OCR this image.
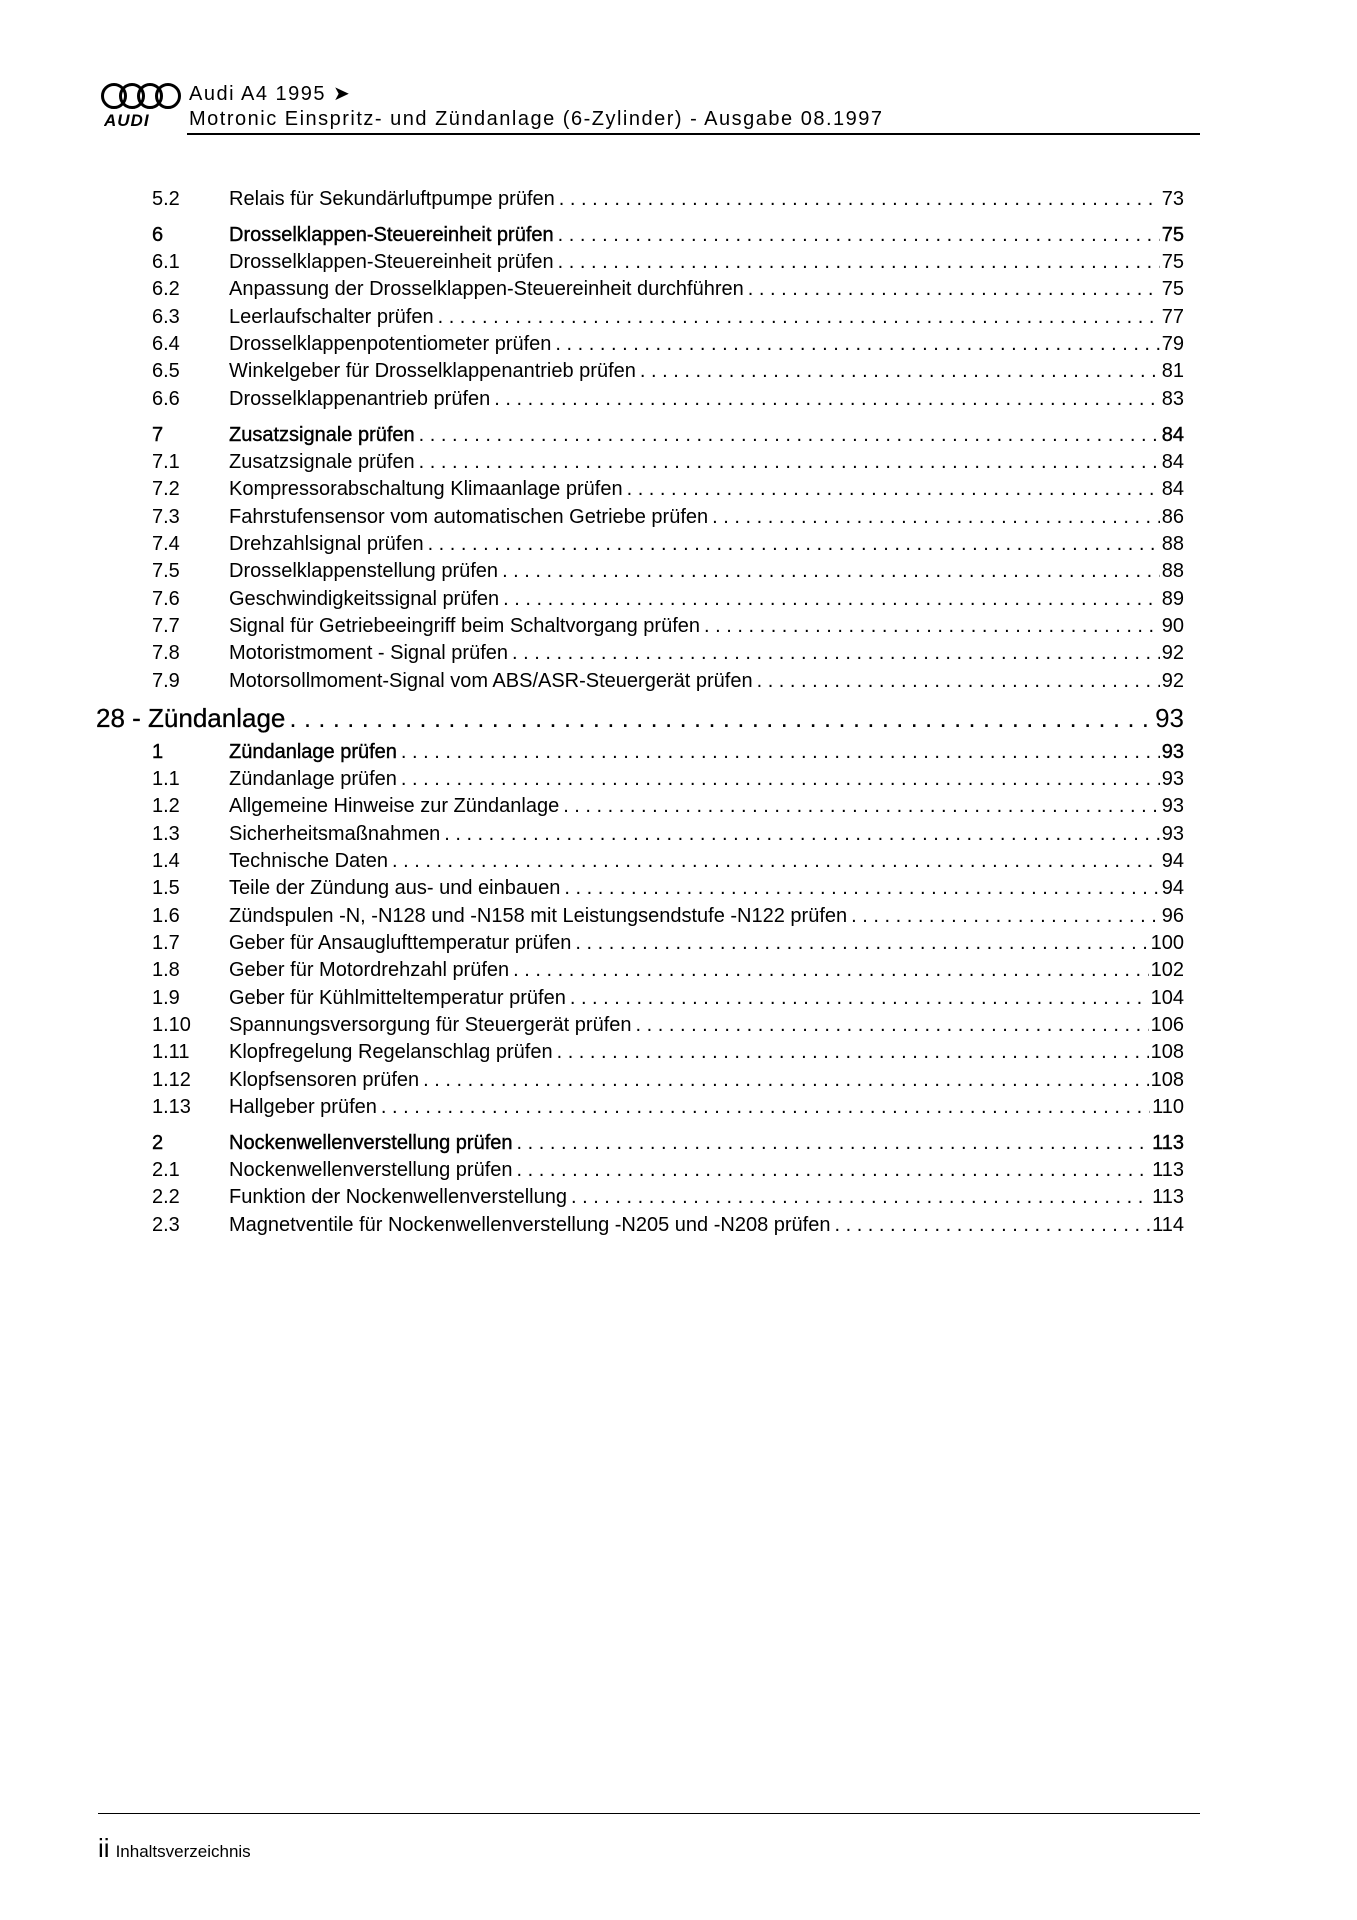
AUDI
Audi A4 1995 ➤
Motronic Einspritz- und Zündanlage (6-Zylinder) - Ausgabe 08.1997
5.2 Relais für Sekundärluftpumpe prüfen . . .	73
6	Drosselklappen-Steuereinheit prüfen . . .	75
6.1 Drosselklappen-Steuereinheit prüfen . . .	75
6.2 Anpassung der Drosselklappen-Steuereinheit durchführen . . .	75
6.3 Leerlaufschalter prüfen . . .	77
6.4 Drosselklappenpotentiometer prüfen . . .	79
6.5 Winkelgeber für Drosselklappenantrieb prüfen . . .	81
6.6 Drosselklappenantrieb prüfen . . .	83
7	Zusatzsignale prüfen . . .	84
7.1 Zusatzsignale prüfen . . .	84
7.2 Kompressorabschaltung Klimaanlage prüfen . . .	84
7.3 Fahrstufensensor vom automatischen Getriebe prüfen . . .	86
7.4 Drehzahlsignal prüfen . . .	88
7.5 Drosselklappenstellung prüfen . . .	88
7.6 Geschwindigkeitssignal prüfen . . .	89
7.7 Signal für Getriebeeingriff beim Schaltvorgang prüfen . . .	90
7.8 Motoristmoment - Signal prüfen . . .	92
7.9 Motorsollmoment-Signal vom ABS/ASR-Steuergerät prüfen . . .	92
28 - Zündanlage . . .	93
1	Zündanlage prüfen . . .	93
1.1 Zündanlage prüfen . . .	93
1.2 Allgemeine Hinweise zur Zündanlage . . .	93
1.3 Sicherheitsmaßnahmen . . .	93
1.4 Technische Daten . . .	94
1.5 Teile der Zündung aus- und einbauen . . .	94
1.6 Zündspulen -N, -N128 und -N158 mit Leistungsendstufe -N122 prüfen . . .	96
1.7 Geber für Ansauglufttemperatur prüfen . . .	100
1.8 Geber für Motordrehzahl prüfen . . .	102
1.9 Geber für Kühlmitteltemperatur prüfen . . .	104
1.10 Spannungsversorgung für Steuergerät prüfen . . .	106
1.11 Klopfregelung Regelanschlag prüfen . . .	108
1.12 Klopfsensoren prüfen . . .	108
1.13 Hallgeber prüfen . . .	110
2	Nockenwellenverstellung prüfen . . .	113
2.1 Nockenwellenverstellung prüfen . . .	113
2.2 Funktion der Nockenwellenverstellung . . .	113
2.3 Magnetventile für Nockenwellenverstellung -N205 und -N208 prüfen . . .	114
ii Inhaltsverzeichnis
